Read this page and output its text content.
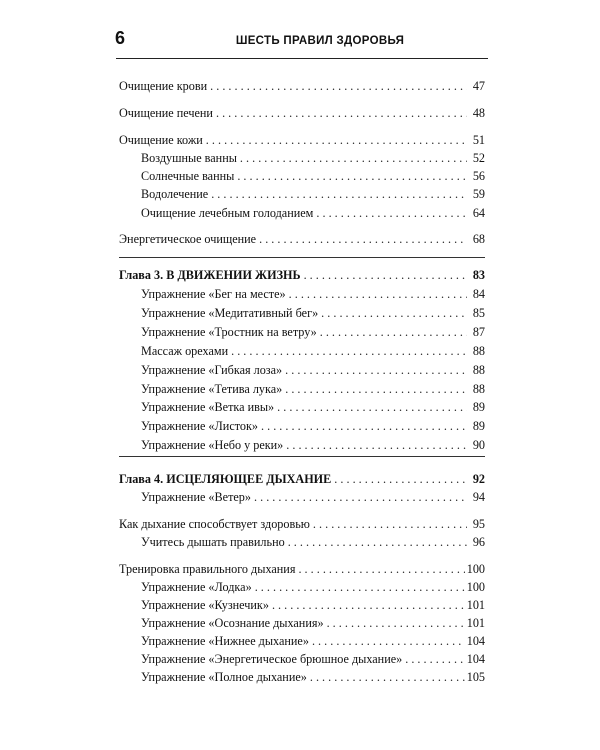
6	ШЕСТЬ ПРАВИЛ ЗДОРОВЬЯ
Очищение крови . . .	47
Очищение печени . . .	48
Очищение кожи . . .	51
Воздушные ванны . . .	52
Солнечные ванны . . .	56
Водолечение . . .	59
Очищение лечебным голоданием . . .	64
Энергетическое очищение . . .	68
Глава 3. В ДВИЖЕНИИ ЖИЗНЬ . . .	83
Упражнение «Бег на месте» . . .	84
Упражнение «Медитативный бег» . . .	85
Упражнение «Тростник на ветру» . . .	87
Массаж орехами . . .	88
Упражнение «Гибкая лоза» . . .	88
Упражнение «Тетива лука» . . .	88
Упражнение «Ветка ивы» . . .	89
Упражнение «Листок» . . .	89
Упражнение «Небо у реки» . . .	90
Глава 4. ИСЦЕЛЯЮЩЕЕ ДЫХАНИЕ . . .	92
Упражнение «Ветер» . . .	94
Как дыхание способствует здоровью . . .	95
Учитесь дышать правильно . . .	96
Тренировка правильного дыхания . . .	100
Упражнение «Лодка» . . .	100
Упражнение «Кузнечик» . . .	101
Упражнение «Осознание дыхания» . . .	101
Упражнение «Нижнее дыхание» . . .	104
Упражнение «Энергетическое брюшное дыхание» . . .	104
Упражнение «Полное дыхание» . . .	105
